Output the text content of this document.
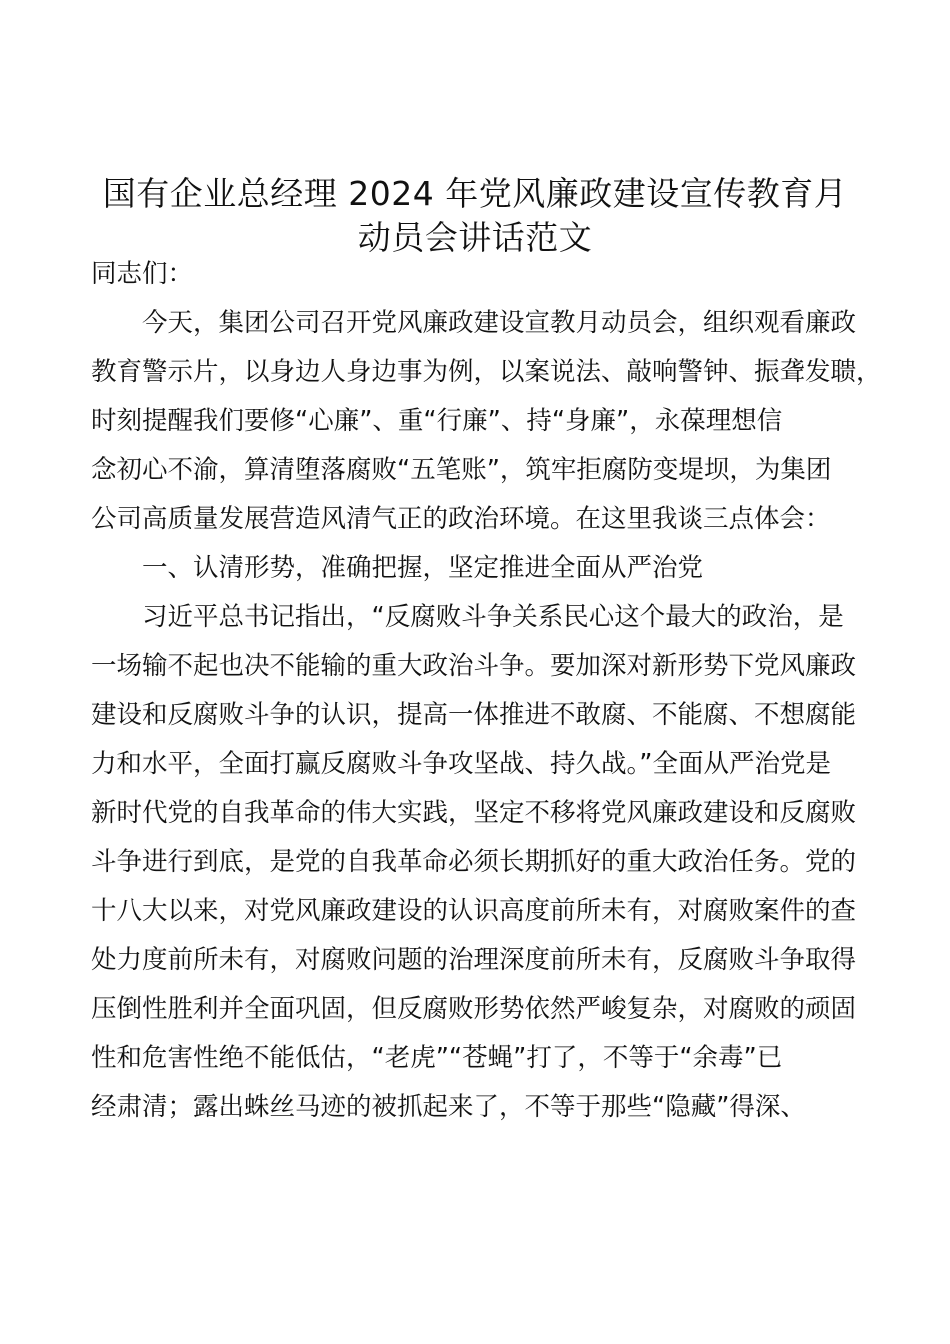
国有企业总经理 2024 年党风廉政建设宣传教育月
动员会讲话范文
同志们：
今天，集团公司召开党风廉政建设宣教月动员会，组织观看廉政
教育警示片，以身边人身边事为例，以案说法、敲响警钟、振聋发聩，
时刻提醒我们要修“心廉”、重“行廉”、持“身廉”，永葆理想信
念初心不渝，算清堕落腐败“五笔账”，筑牢拒腐防变堤坝，为集团
公司高质量发展营造风清气正的政治环境。在这里我谈三点体会：
一、认清形势，准确把握，坚定推进全面从严治党
习近平总书记指出，“反腐败斗争关系民心这个最大的政治，是
一场输不起也决不能输的重大政治斗争。要加深对新形势下党风廉政
建设和反腐败斗争的认识，提高一体推进不敢腐、不能腐、不想腐能
力和水平，全面打赢反腐败斗争攻坚战、持久战。”全面从严治党是
新时代党的自我革命的伟大实践，坚定不移将党风廉政建设和反腐败
斗争进行到底，是党的自我革命必须长期抓好的重大政治任务。党的
十八大以来，对党风廉政建设的认识高度前所未有，对腐败案件的查
处力度前所未有，对腐败问题的治理深度前所未有，反腐败斗争取得
压倒性胜利并全面巩固，但反腐败形势依然严峻复杂，对腐败的顽固
性和危害性绝不能低估，“老虎”“苍蝇”打了，不等于“余毒”已
经肃清；露出蛛丝马迹的被抓起来了，不等于那些“隐藏”得深、
